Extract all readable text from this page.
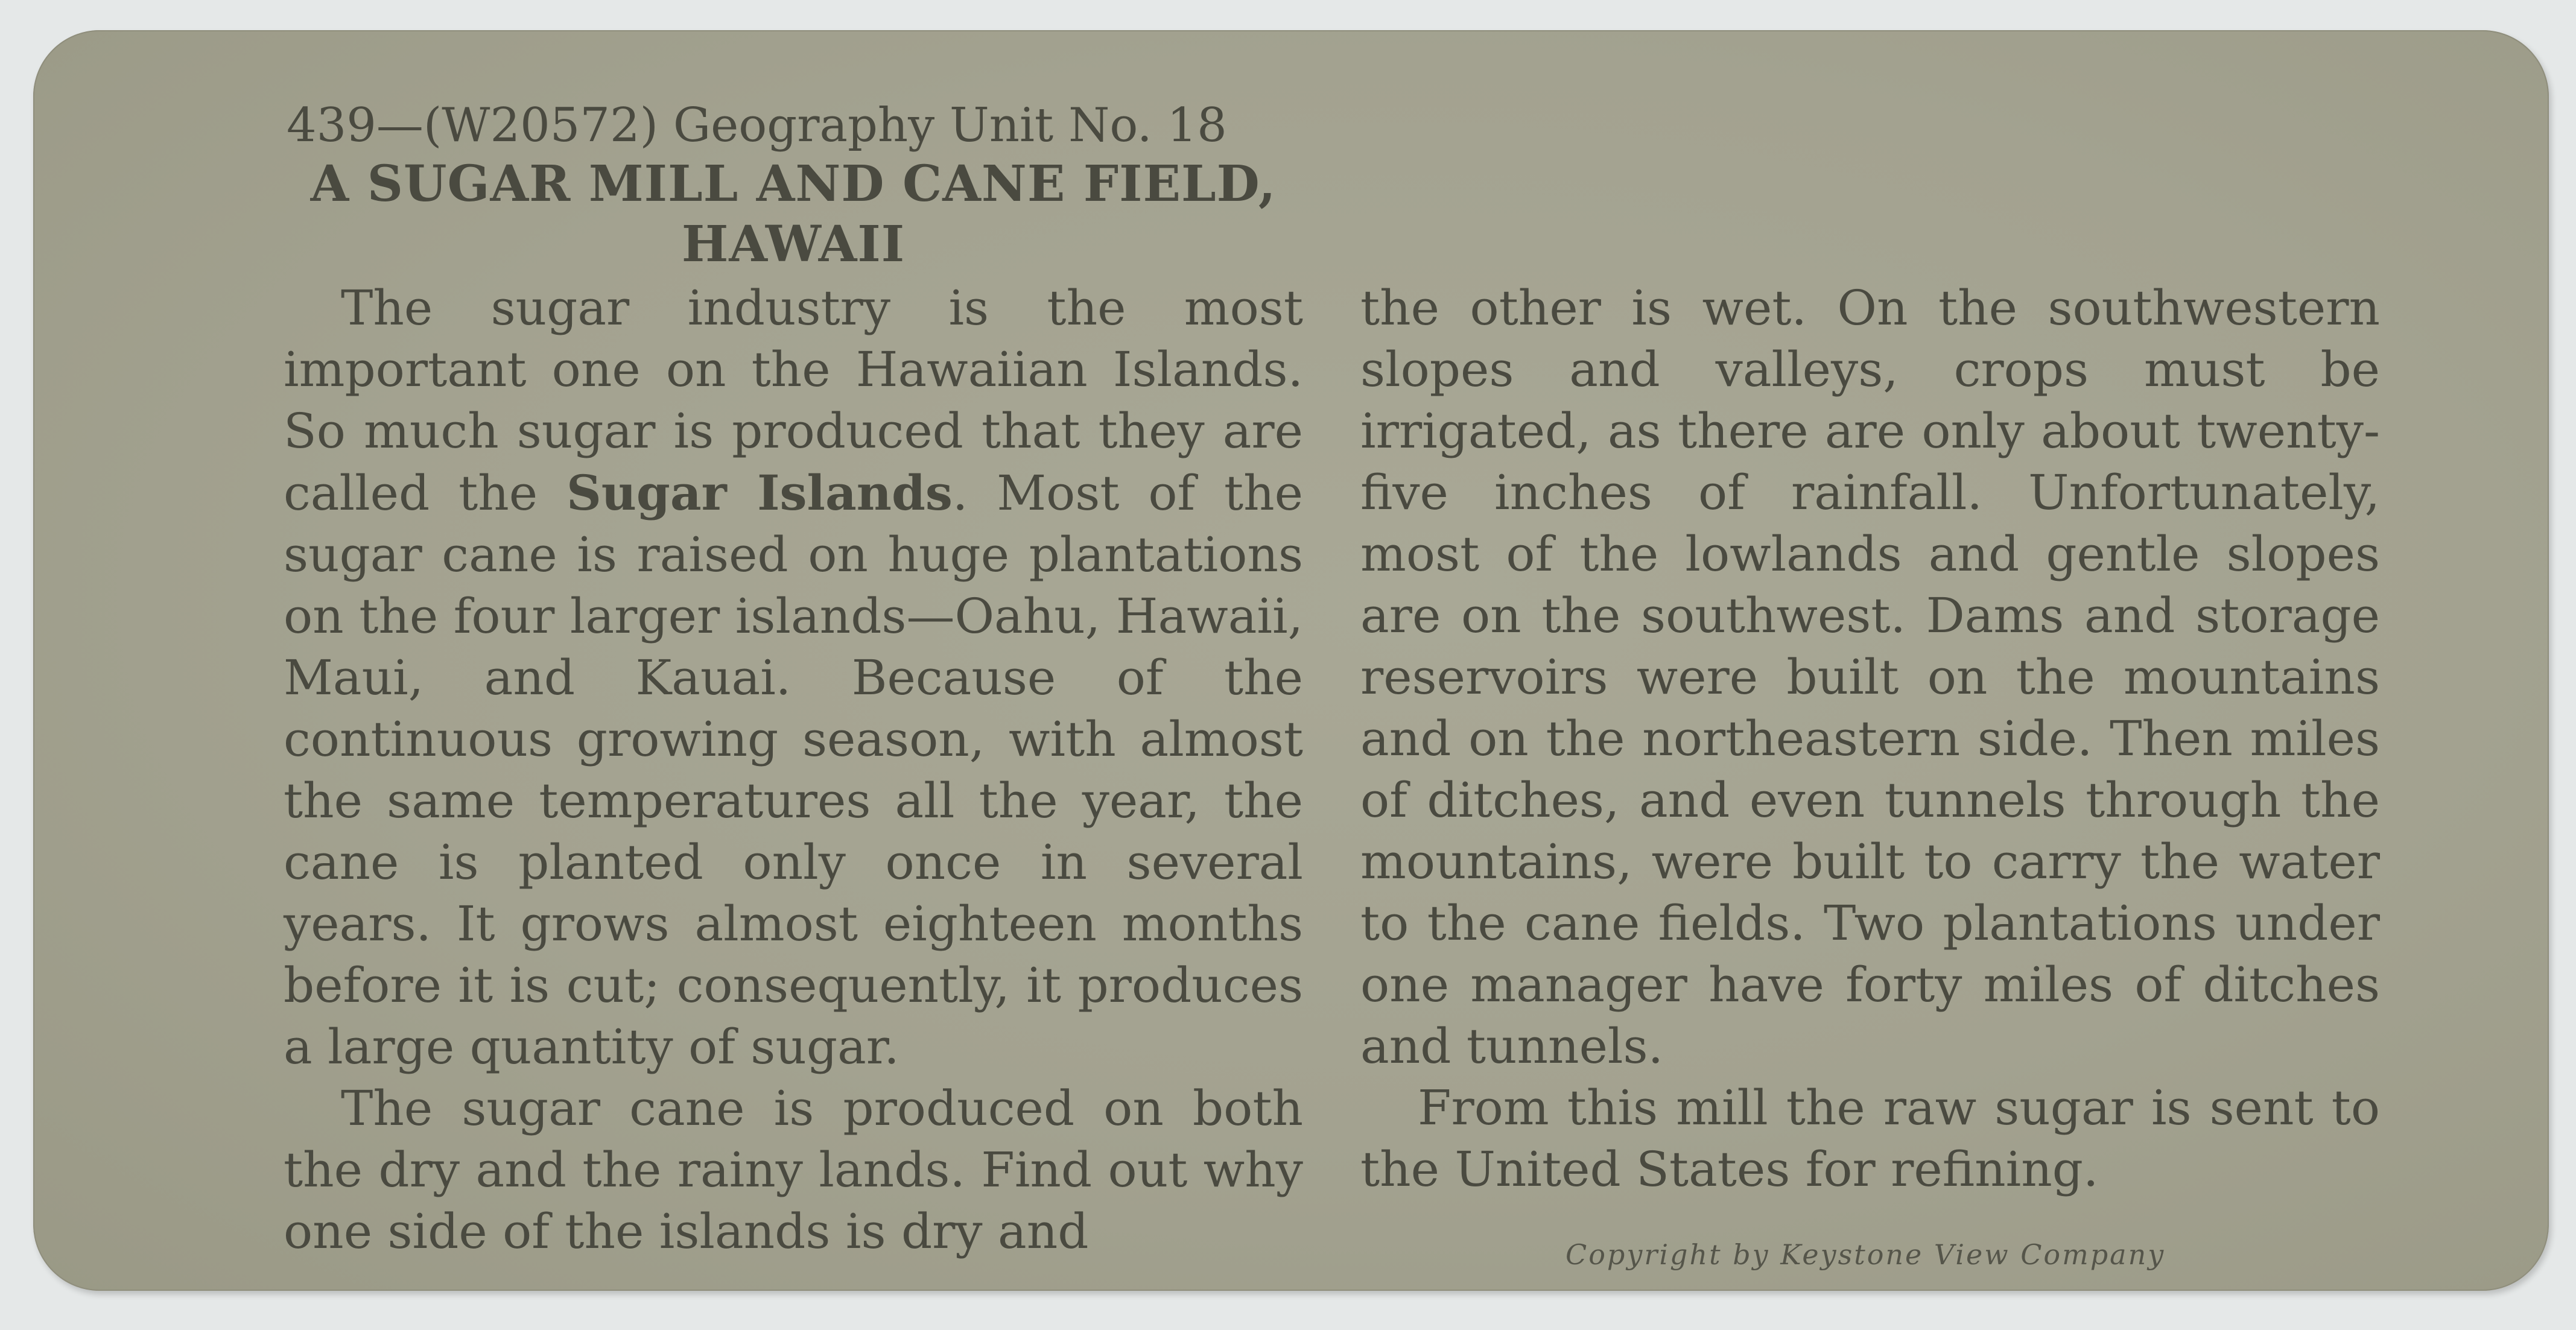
439—(W20572) Geography Unit No. 18
A SUGAR MILL AND CANE FIELD,
HAWAII

The sugar industry is the most important one on the Hawaiian Islands. So much sugar is produced that they are called the Sugar Islands. Most of the sugar cane is raised on huge plantations on the four larger islands—Oahu, Hawaii, Maui, and Kauai. Because of the continuous growing season, with almost the same temperatures all the year, the cane is planted only once in several years. It grows almost eighteen months before it is cut; consequently, it produces a large quantity of sugar.

The sugar cane is produced on both the dry and the rainy lands. Find out why one side of the islands is dry and

the other is wet. On the southwestern slopes and valleys, crops must be irrigated, as there are only about twenty-five inches of rainfall. Unfortunately, most of the lowlands and gentle slopes are on the southwest. Dams and storage reservoirs were built on the mountains and on the northeastern side. Then miles of ditches, and even tunnels through the mountains, were built to carry the water to the cane fields. Two plantations under one manager have forty miles of ditches and tunnels.

From this mill the raw sugar is sent to the United States for refining.

Copyright by Keystone View Company
